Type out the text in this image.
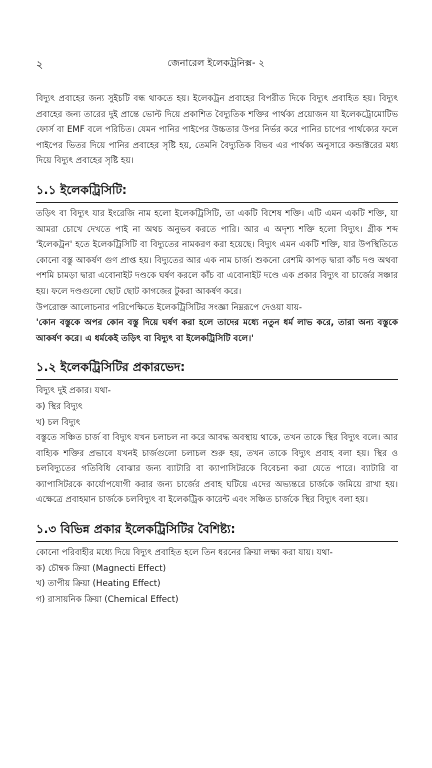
২	জেনারেল ইলেকট্রনিক্স- ২

বিদ্যুৎ প্রবাহের জন্য সুইচটি বন্ধ থাকতে হয়। ইলেকট্রন প্রবাহের বিপরীত দিকে বিদ্যুৎ প্রবাহিত হয়। বিদ্যুৎ প্রবাহের জন্য তারের দুই প্রান্তে ভোল্ট দিয়ে প্রকাশিত বৈদ্যুতিক শক্তির পার্থক্য প্রয়োজন যা ইলেকট্রোমোটিভ ফোর্স বা EMF বলে পরিচিত। যেমন পানির পাইপের উচ্চতার উপর নির্ভর করে পানির চাপের পার্থক্যের ফলে পাইপের ভিতর দিয়ে পানির প্রবাহের সৃষ্টি হয়, তেমনি বৈদ্যুতিক বিভব এর পার্থক্য অনুসারে কন্ডাক্টরের মধ্য দিয়ে বিদ্যুৎ প্রবাহের সৃষ্টি হয়।

১.১ ইলেকট্রিসিটি:

তড়িৎ বা বিদ্যুৎ যার ইংরেজি নাম হলো ইলেকট্রিসিটি, তা একটি বিশেষ শক্তি। এটি এমন একটি শক্তি, যা আমরা চোখে দেখতে পাই না অথচ অনুভব করতে পারি। আর এ অদৃশ্য শক্তি হলো বিদ্যুৎ। গ্রীক শব্দ 'ইলেকট্রন' হতে ইলেকট্রিসিটি বা বিদ্যুতের নামকরণ করা হয়েছে। বিদ্যুৎ এমন একটি শক্তি, যার উপস্থিতিতে কোনো বস্তু আকর্ষণ গুণ প্রাপ্ত হয়। বিদ্যুতের আর এক নাম চার্জ। শুকনো রেশমি কাপড় দ্বারা কাঁচ দণ্ড অথবা পশমি চামড়া দ্বারা এবোনাইট দণ্ডকে ঘর্ষণ করলে কাঁচ বা এবোনাইট দণ্ডে এক প্রকার বিদ্যুৎ বা চার্জের সঞ্চার হয়। ফলে দণ্ডগুলো ছোট ছোট কাগজের টুকরা আকর্ষণ করে।

উপরোক্ত আলোচনার পরিপেক্ষিতে ইলেকট্রিসিটির সংজ্ঞা নিম্নরূপে দেওয়া যায়-

'কোন বস্তুকে অপর কোন বস্তু দিয়ে ঘর্ষণ করা হলে তাদের মধ্যে নতুন ধর্ম লাভ করে, তারা অন্য বস্তুকে আকর্ষণ করে। এ ধর্মকেই তড়িৎ বা বিদ্যুৎ বা ইলেকট্রিসিটি বলে।'

১.২ ইলেকট্রিসিটির প্রকারভেদ:
বিদ্যুৎ দুই প্রকার। যথা-
ক) স্থির বিদ্যুৎ
খ) চল বিদ্যুৎ

বস্তুতে সঞ্চিত চার্জ বা বিদ্যুৎ যখন চলাচল না করে আবদ্ধ অবস্থায় থাকে, তখন তাকে স্থির বিদ্যুৎ বলে। আর বাহ্যিক শক্তির প্রভাবে যখনই চার্জগুলো চলাচল শুরু হয়, তখন তাকে বিদ্যুৎ প্রবাহ বলা হয়। স্থির ও চলবিদ্যুতের গতিবিধি বোঝার জন্য ব্যাটারি বা ক্যাপাসিটরকে বিবেচনা করা যেতে পারে। ব্যাটারি বা ক্যাপাসিটরকে কার্যোপযোগী করার জন্য চার্জের প্রবাহ ঘটিয়ে এদের অভ্যন্তরে চার্জকে জমিয়ে রাখা হয়। এক্ষেত্রে প্রবাহমান চার্জকে চলবিদ্যুৎ বা ইলেকট্রিক কারেন্ট এবং সঞ্চিত চার্জকে স্থির বিদ্যুৎ বলা হয়।

১.৩ বিভিন্ন প্রকার ইলেকট্রিসিটির বৈশিষ্ট্য:
কোনো পরিবাহীর মধ্যে দিয়ে বিদ্যুৎ প্রবাহিত হলে তিন ধরনের ক্রিয়া লক্ষ্য করা যায়। যথা-
ক) চৌম্বক ক্রিয়া (Magnecti Effect)
খ) তাপীয় ক্রিয়া (Heating Effect)
গ) রাসায়নিক ক্রিয়া (Chemical Effect)
